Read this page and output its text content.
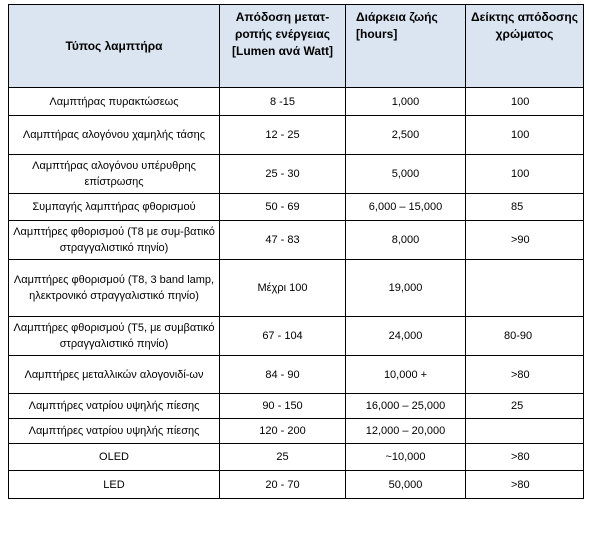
Τύπος λαμπτήρα	Απόδοση μετατ-ροπής ενέργειας [Lumen ανά Watt]	Διάρκεια ζωής [hours]	Δείκτης απόδοσης χρώματος
Λαμπτήρας πυρακτώσεως	8 -15	1,000	100
Λαμπτήρας αλογόνου χαμηλής τάσης	12 - 25	2,500	100
Λαμπτήρας αλογόνου υπέρυθρης επίστρωσης	25 - 30	5,000	100
Συμπαγής λαμπτήρας φθορισμού	50 - 69	6,000 – 15,000	85
Λαμπτήρες φθορισμού (T8 με συμ-βατικό στραγγαλιστικό πηνίο)	47 - 83	8,000	>90
Λαμπτήρες φθορισμού (T8, 3 band lamp, ηλεκτρονικό στραγγαλιστικό πηνίο)	Μέχρι 100	19,000	
Λαμπτήρες φθορισμού (T5, με συμβατικό στραγγαλιστικό πηνίο)	67 - 104	24,000	80-90
Λαμπτήρες μεταλλικών αλογονιδί-ων	84 - 90	10,000 +	>80
Λαμπτήρες νατρίου υψηλής πίεσης	90 - 150	16,000 – 25,000	25
Λαμπτήρες νατρίου υψηλής πίεσης	120 - 200	12,000 – 20,000	
OLED	25	~10,000	>80
LED	20 - 70	50,000	>80
